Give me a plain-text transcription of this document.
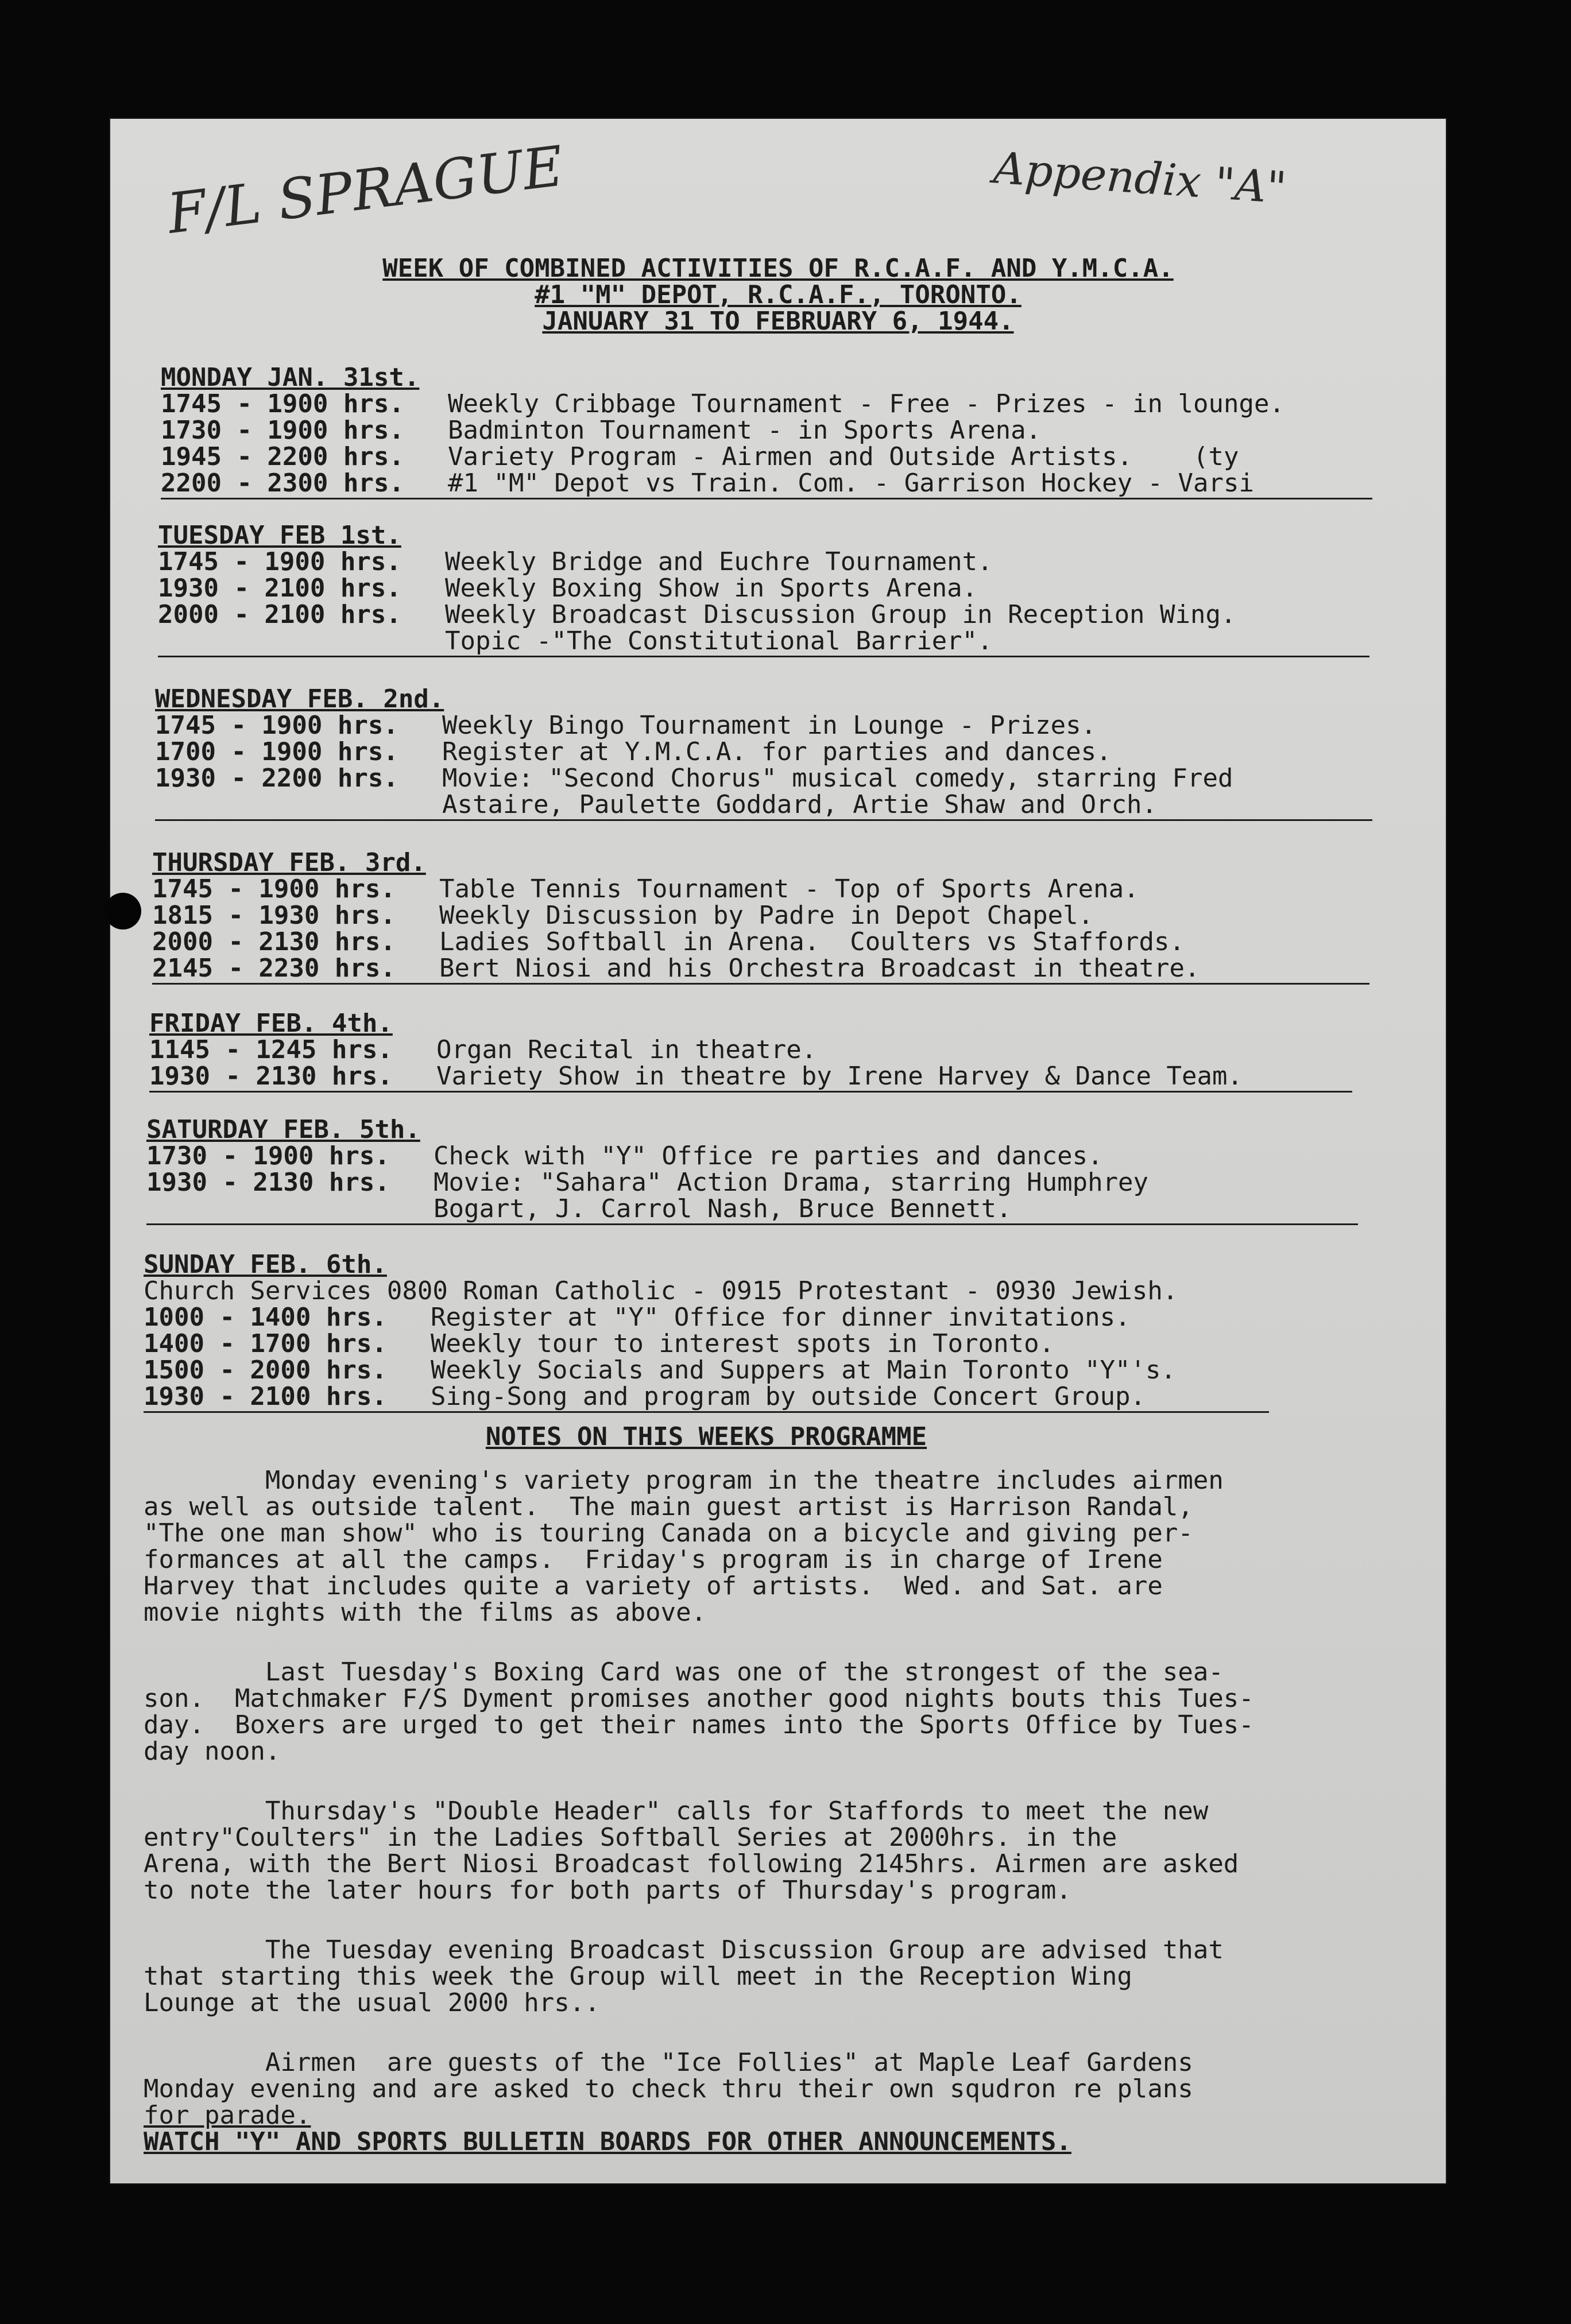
F/L SPRAGUE	Appendix "A"
WEEK OF COMBINED ACTIVITIES OF R.C.A.F. AND Y.M.C.A.
#1 "M" DEPOT, R.C.A.F., TORONTO.
JANUARY 31 TO FEBRUARY 6, 1944.
MONDAY JAN. 31st.
1745 - 1900 hrs.	Weekly Cribbage Tournament - Free - Prizes - in lounge.
1730 - 1900 hrs.	Badminton Tournament - in Sports Arena.
1945 - 2200 hrs.	Variety Program - Airmen and Outside Artists.    (ty
2200 - 2300 hrs.	#1 "M" Depot vs Train. Com. - Garrison Hockey - Varsi
TUESDAY FEB 1st.
1745 - 1900 hrs.	Weekly Bridge and Euchre Tournament.
1930 - 2100 hrs.	Weekly Boxing Show in Sports Arena.
2000 - 2100 hrs.	Weekly Broadcast Discussion Group in Reception Wing.
Topic -"The Constitutional Barrier".
WEDNESDAY FEB. 2nd.
1745 - 1900 hrs.	Weekly Bingo Tournament in Lounge - Prizes.
1700 - 1900 hrs.	Register at Y.M.C.A. for parties and dances.
1930 - 2200 hrs.	Movie: "Second Chorus" musical comedy, starring Fred
Astaire, Paulette Goddard, Artie Shaw and Orch.
THURSDAY FEB. 3rd.
1745 - 1900 hrs.	Table Tennis Tournament - Top of Sports Arena.
1815 - 1930 hrs.	Weekly Discussion by Padre in Depot Chapel.
2000 - 2130 hrs.	Ladies Softball in Arena.  Coulters vs Staffords.
2145 - 2230 hrs.	Bert Niosi and his Orchestra Broadcast in theatre.
FRIDAY FEB. 4th.
1145 - 1245 hrs.	Organ Recital in theatre.
1930 - 2130 hrs.	Variety Show in theatre by Irene Harvey & Dance Team.
SATURDAY FEB. 5th.
1730 - 1900 hrs.	Check with "Y" Office re parties and dances.
1930 - 2130 hrs.	Movie: "Sahara" Action Drama, starring Humphrey
Bogart, J. Carrol Nash, Bruce Bennett.
SUNDAY FEB. 6th.
Church Services 0800 Roman Catholic - 0915 Protestant - 0930 Jewish.
1000 - 1400 hrs.	Register at "Y" Office for dinner invitations.
1400 - 1700 hrs.	Weekly tour to interest spots in Toronto.
1500 - 2000 hrs.	Weekly Socials and Suppers at Main Toronto "Y"'s.
1930 - 2100 hrs.	Sing-Song and program by outside Concert Group.
NOTES ON THIS WEEKS PROGRAMME
Monday evening's variety program in the theatre includes airmen
as well as outside talent.  The main guest artist is Harrison Randal,
"The one man show" who is touring Canada on a bicycle and giving per-
formances at all the camps.  Friday's program is in charge of Irene
Harvey that includes quite a variety of artists.  Wed. and Sat. are
movie nights with the films as above.
Last Tuesday's Boxing Card was one of the strongest of the sea-
son.  Matchmaker F/S Dyment promises another good nights bouts this Tues-
day.  Boxers are urged to get their names into the Sports Office by Tues-
day noon.
Thursday's "Double Header" calls for Staffords to meet the new
entry"Coulters" in the Ladies Softball Series at 2000hrs. in the
Arena, with the Bert Niosi Broadcast following 2145hrs. Airmen are asked
to note the later hours for both parts of Thursday's program.
The Tuesday evening Broadcast Discussion Group are advised that
that starting this week the Group will meet in the Reception Wing
Lounge at the usual 2000 hrs..
Airmen  are guests of the "Ice Follies" at Maple Leaf Gardens
Monday evening and are asked to check thru their own squdron re plans
for parade.
WATCH "Y" AND SPORTS BULLETIN BOARDS FOR OTHER ANNOUNCEMENTS.
